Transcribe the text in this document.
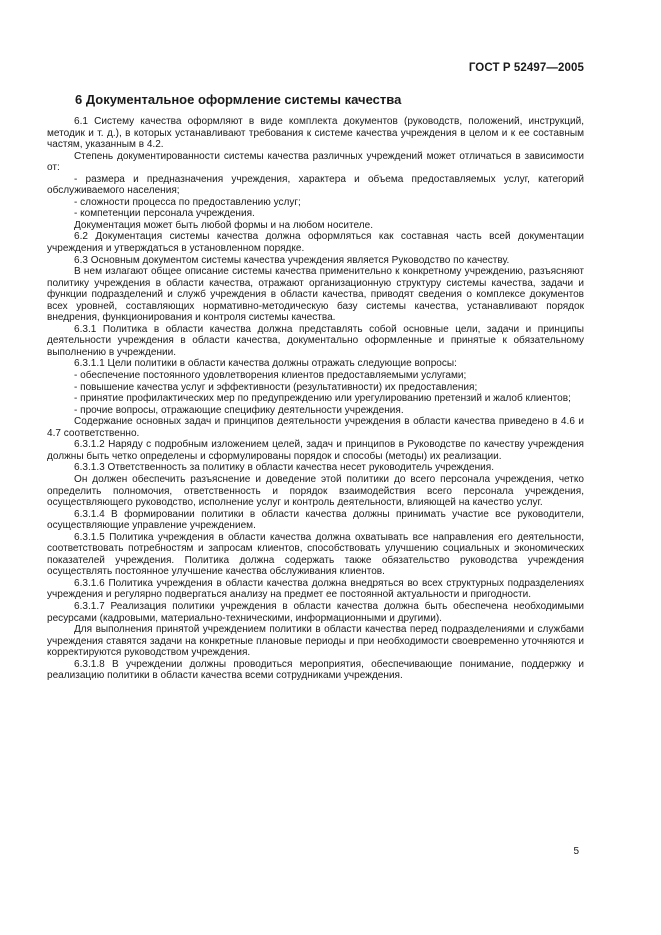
ГОСТ Р 52497—2005
6 Документальное оформление системы качества

6.1 Систему качества оформляют в виде комплекта документов (руководств, положений, инструкций, методик и т. д.), в которых устанавливают требования к системе качества учреждения в целом и к ее составным частям, указанным в 4.2.

Степень документированности системы качества различных учреждений может отличаться в зависимости от:

- размера и предназначения учреждения, характера и объема предоставляемых услуг, категорий обслуживаемого населения;

- сложности процесса по предоставлению услуг;

- компетенции персонала учреждения.

Документация может быть любой формы и на любом носителе.

6.2 Документация системы качества должна оформляться как составная часть всей документации учреждения и утверждаться в установленном порядке.

6.3 Основным документом системы качества учреждения является Руководство по качеству.

В нем излагают общее описание системы качества применительно к конкретному учреждению, разъясняют политику учреждения в области качества, отражают организационную структуру системы качества, задачи и функции подразделений и служб учреждения в области качества, приводят сведения о комплексе документов всех уровней, составляющих нормативно-методическую базу системы качества, устанавливают порядок внедрения, функционирования и контроля системы качества.

6.3.1 Политика в области качества должна представлять собой основные цели, задачи и принципы деятельности учреждения в области качества, документально оформленные и принятые к обязательному выполнению в учреждении.

6.3.1.1 Цели политики в области качества должны отражать следующие вопросы:

- обеспечение постоянного удовлетворения клиентов предоставляемыми услугами;

- повышение качества услуг и эффективности (результативности) их предоставления;

- принятие профилактических мер по предупреждению или урегулированию претензий и жалоб клиентов;

- прочие вопросы, отражающие специфику деятельности учреждения.

Содержание основных задач и принципов деятельности учреждения в области качества приведено в 4.6 и 4.7 соответственно.

6.3.1.2 Наряду с подробным изложением целей, задач и принципов в Руководстве по качеству учреждения должны быть четко определены и сформулированы порядок и способы (методы) их реализации.

6.3.1.3 Ответственность за политику в области качества несет руководитель учреждения.

Он должен обеспечить разъяснение и доведение этой политики до всего персонала учреждения, четко определить полномочия, ответственность и порядок взаимодействия всего персонала учреждения, осуществляющего руководство, исполнение услуг и контроль деятельности, влияющей на качество услуг.

6.3.1.4 В формировании политики в области качества должны принимать участие все руководители, осуществляющие управление учреждением.

6.3.1.5 Политика учреждения в области качества должна охватывать все направления его деятельности, соответствовать потребностям и запросам клиентов, способствовать улучшению социальных и экономических показателей учреждения. Политика должна содержать также обязательство руководства учреждения осуществлять постоянное улучшение качества обслуживания клиентов.

6.3.1.6 Политика учреждения в области качества должна внедряться во всех структурных подразделениях учреждения и регулярно подвергаться анализу на предмет ее постоянной актуальности и пригодности.

6.3.1.7 Реализация политики учреждения в области качества должна быть обеспечена необходимыми ресурсами (кадровыми, материально-техническими, информационными и другими).

Для выполнения принятой учреждением политики в области качества перед подразделениями и службами учреждения ставятся задачи на конкретные плановые периоды и при необходимости своевременно уточняются и корректируются руководством учреждения.

6.3.1.8 В учреждении должны проводиться мероприятия, обеспечивающие понимание, поддержку и реализацию политики в области качества всеми сотрудниками учреждения.

5
